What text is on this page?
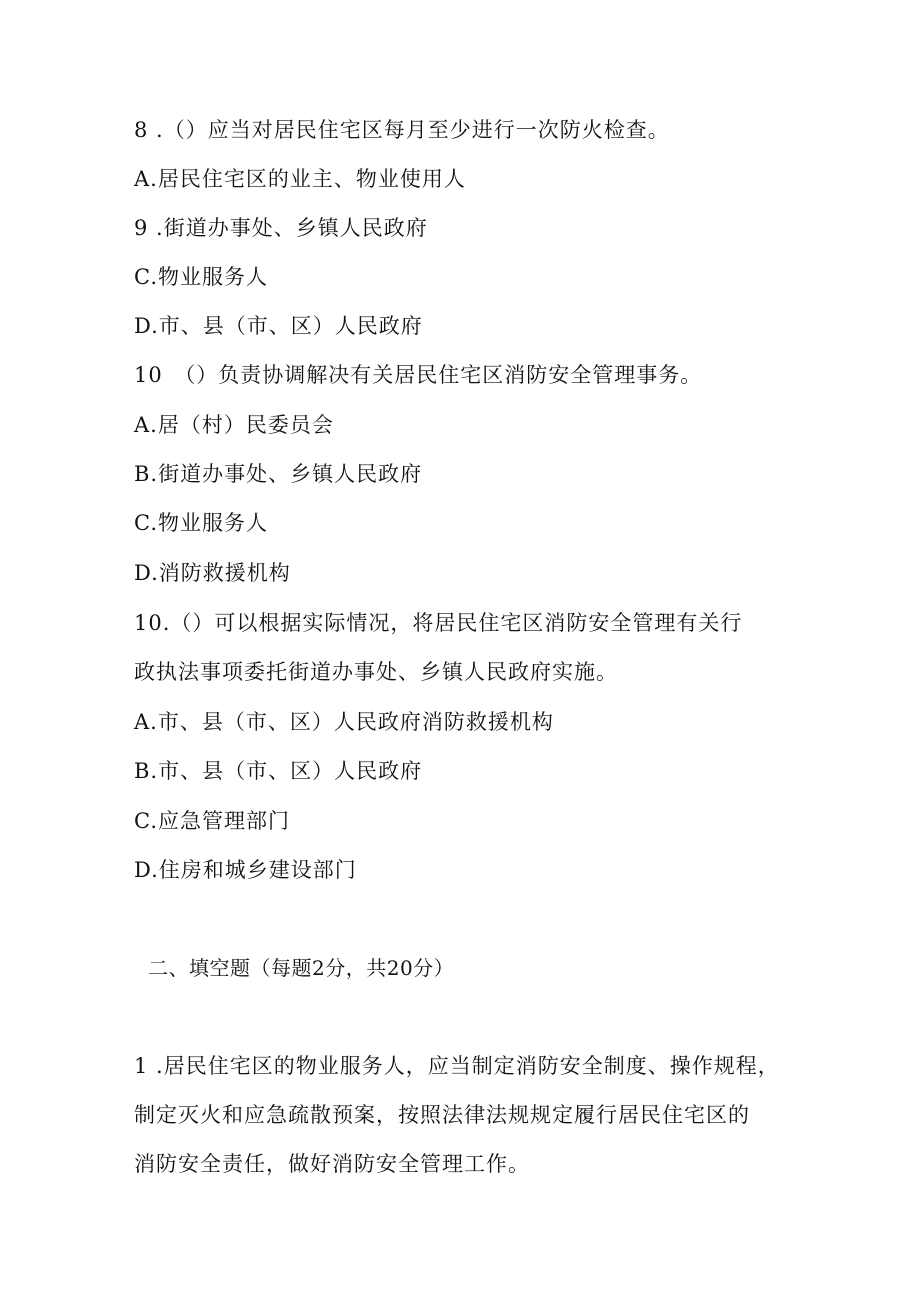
8 .（）应当对居民住宅区每月至少进行一次防火检查。
A.居民住宅区的业主、物业使用人
9 .街道办事处、乡镇人民政府
C.物业服务人
D.市、县（市、区）人民政府
10　（）负责协调解决有关居民住宅区消防安全管理事务。
A.居（村）民委员会
B.街道办事处、乡镇人民政府
C.物业服务人
D.消防救援机构
10.（）可以根据实际情况，将居民住宅区消防安全管理有关行
政执法事项委托街道办事处、乡镇人民政府实施。
A.市、县（市、区）人民政府消防救援机构
B.市、县（市、区）人民政府
C.应急管理部门
D.住房和城乡建设部门
二、填空题（每题2分，共20分）
1 .居民住宅区的物业服务人，应当制定消防安全制度、操作规程，
制定灭火和应急疏散预案，按照法律法规规定履行居民住宅区的
消防安全责任，做好消防安全管理工作。
